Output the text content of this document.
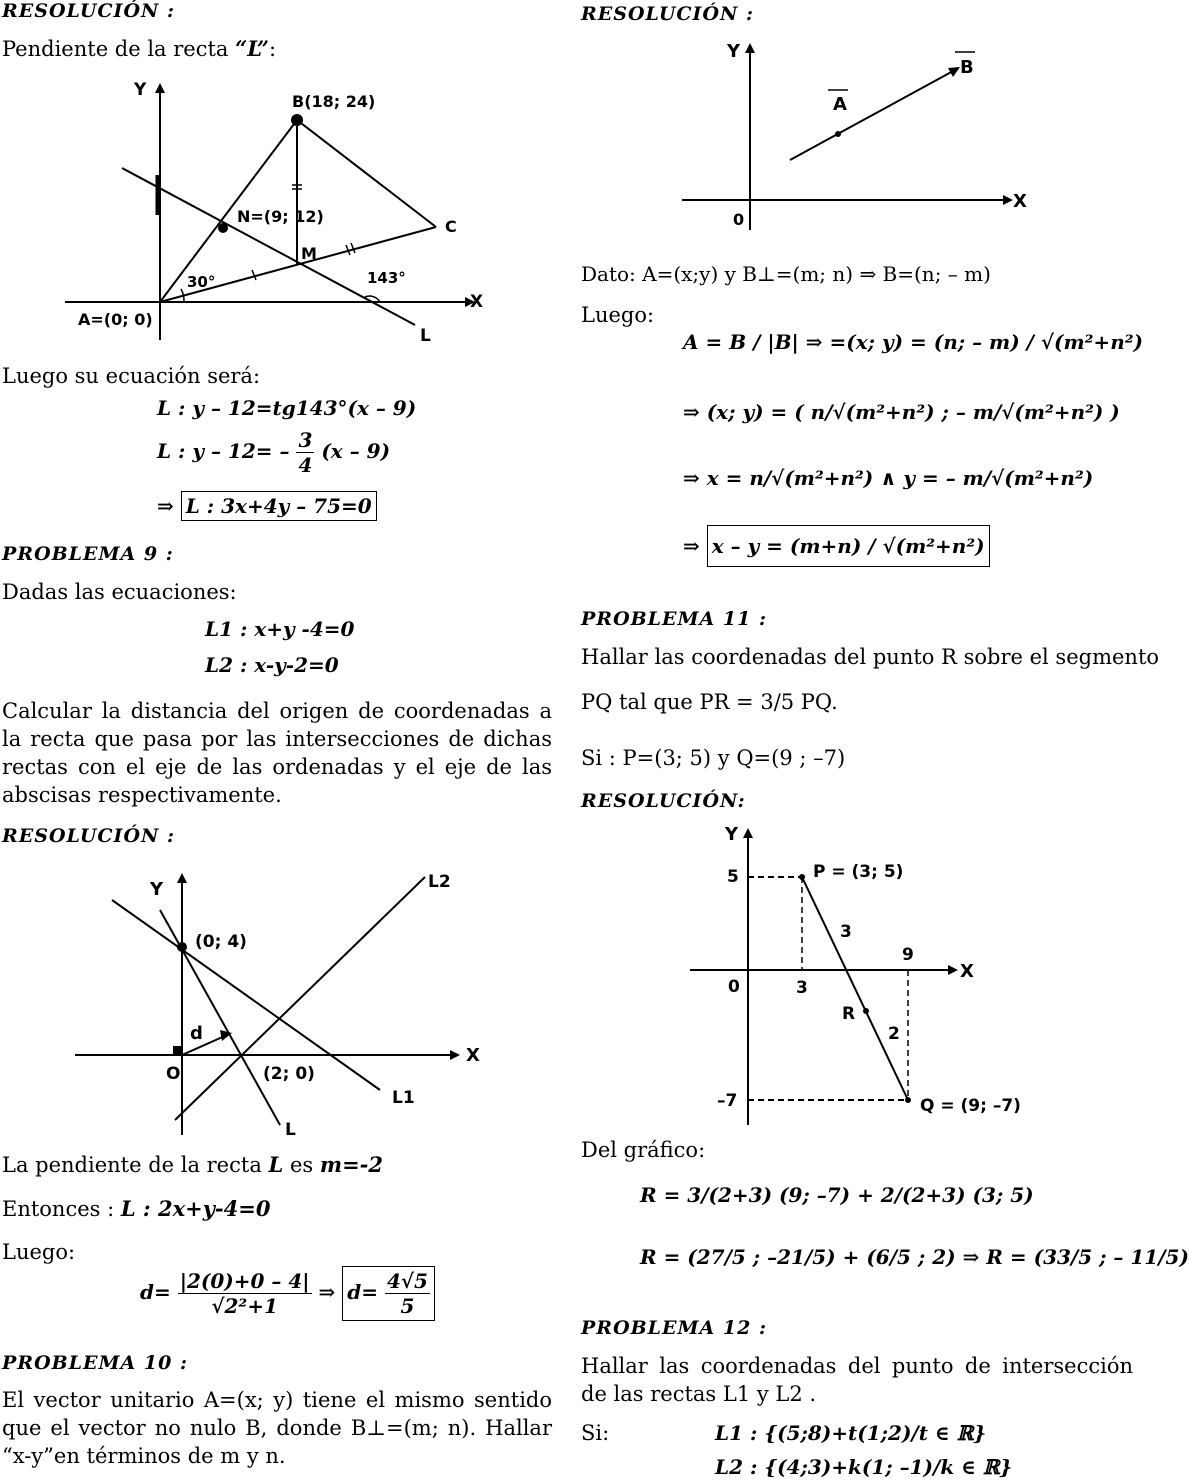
RESOLUCIÓN :
Pendiente de la recta “L”:
Y
X
B(18; 24)
N=(9; 12)
M
C
A=(0; 0)
30°	143°
L
Luego su ecuación será:
L : y – 12=tg143°(x – 9)
L : $y - 12= - \frac{3}{4} (x - 9)$
⇒ L : 3x+4y – 75=0
PROBLEMA 9 :
Dadas las ecuaciones:
L1 : x+y -4=0
L2 : x-y-2=0
Calcular la distancia del origen de coordenadas a la recta que pasa por las intersecciones de dichas rectas con el eje de las ordenadas y el eje de las abscisas respectivamente.
RESOLUCIÓN :
Y
X
(0; 4)
(2; 0)
d
O
L
L1
L2
La pendiente de la recta L es m=-2
Entonces : L : 2x+y-4=0
Luego:
$d= \frac{|2(0)+0 - 4|}{\text{√2²+1}}$ ⇒ $d= \frac{4√5}{5}$
PROBLEMA 10 :
El vector unitario A=(x; y) tiene el mismo sentido que el vector no nulo B, donde B⊥=(m; n). Hallar “x-y”en términos de m y n.
RESOLUCIÓN :
Y
X
0
A
B
Dato: A=(x;y) y B⊥=(m; n) ⇒ B=(n; – m)
Luego:
A = B / |B| ⇒ =(x; y) = (n; – m) / √(m²+n²)
⇒ (x; y) = ( n/√(m²+n²) ; – m/√(m²+n²) )
⇒ x = n/√(m²+n²) ∧ y = – m/√(m²+n²)
⇒ x – y = (m+n) / √(m²+n²)
PROBLEMA 11 :
Hallar las coordenadas del punto R sobre el segmento
PQ tal que PR = 3/5 PQ.
Si : P=(3; 5) y Q=(9 ; –7)
RESOLUCIÓN:
Y
X
0
5
–7
3
9
P = (3; 5)
Q = (9; –7)
R
3
2
Del gráfico:
R = 3/(2+3) (9; –7) + 2/(2+3) (3; 5)
R = (27/5 ; –21/5) + (6/5 ; 2) ⇒ R = (33/5 ; – 11/5)
PROBLEMA 12 :
Hallar las coordenadas del punto de intersección de las rectas L1 y L2 .
Si:	L1 : {(5;8)+t(1;2)/t ∈ ℝ}
L2 : {(4;3)+k(1; –1)/k ∈ ℝ}
